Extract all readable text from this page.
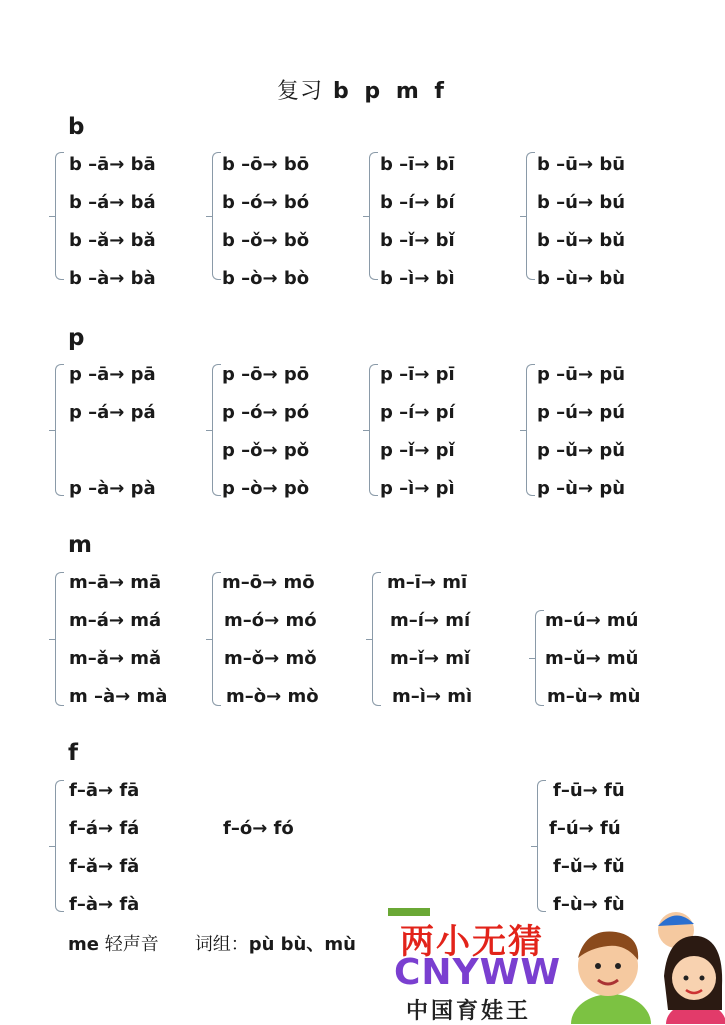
复习 b p m f
b
b –ā→ bā
b –á→ bá
b –ǎ→ bǎ
b –à→ bà
b –ō→ bō
b –ó→ bó
b –ǒ→ bǒ
b –ò→ bò
b –ī→ bī
b –í→ bí
b –ǐ→ bǐ
b –ì→ bì
b –ū→ bū
b –ú→ bú
b –ǔ→ bǔ
b –ù→ bù
p
p –ā→ pā
p –á→ pá
p –à→ pà
p –ō→ pō
p –ó→ pó
p –ǒ→ pǒ
p –ò→ pò
p –ī→ pī
p –í→ pí
p –ǐ→ pǐ
p –ì→ pì
p –ū→ pū
p –ú→ pú
p –ǔ→ pǔ
p –ù→ pù
m
m–ā→ mā
m–á→ má
m–ǎ→ mǎ
m –à→ mà
m–ō→ mō
m–ó→ mó
m–ǒ→ mǒ
m–ò→ mò
m–ī→ mī
m–í→ mí
m–ǐ→ mǐ
m–ì→ mì
m–ú→ mú
m–ǔ→ mǔ
m–ù→ mù
f
f–ā→ fā
f–á→ fá
f–ǎ→ fǎ
f–à→ fà
f–ó→ fó
f–ū→ fū
f–ú→ fú
f–ǔ→ fǔ
f–ù→ fù
me 轻声音 词组：pù bù、mù 两小无猜
CNYWW
中国育娃王
